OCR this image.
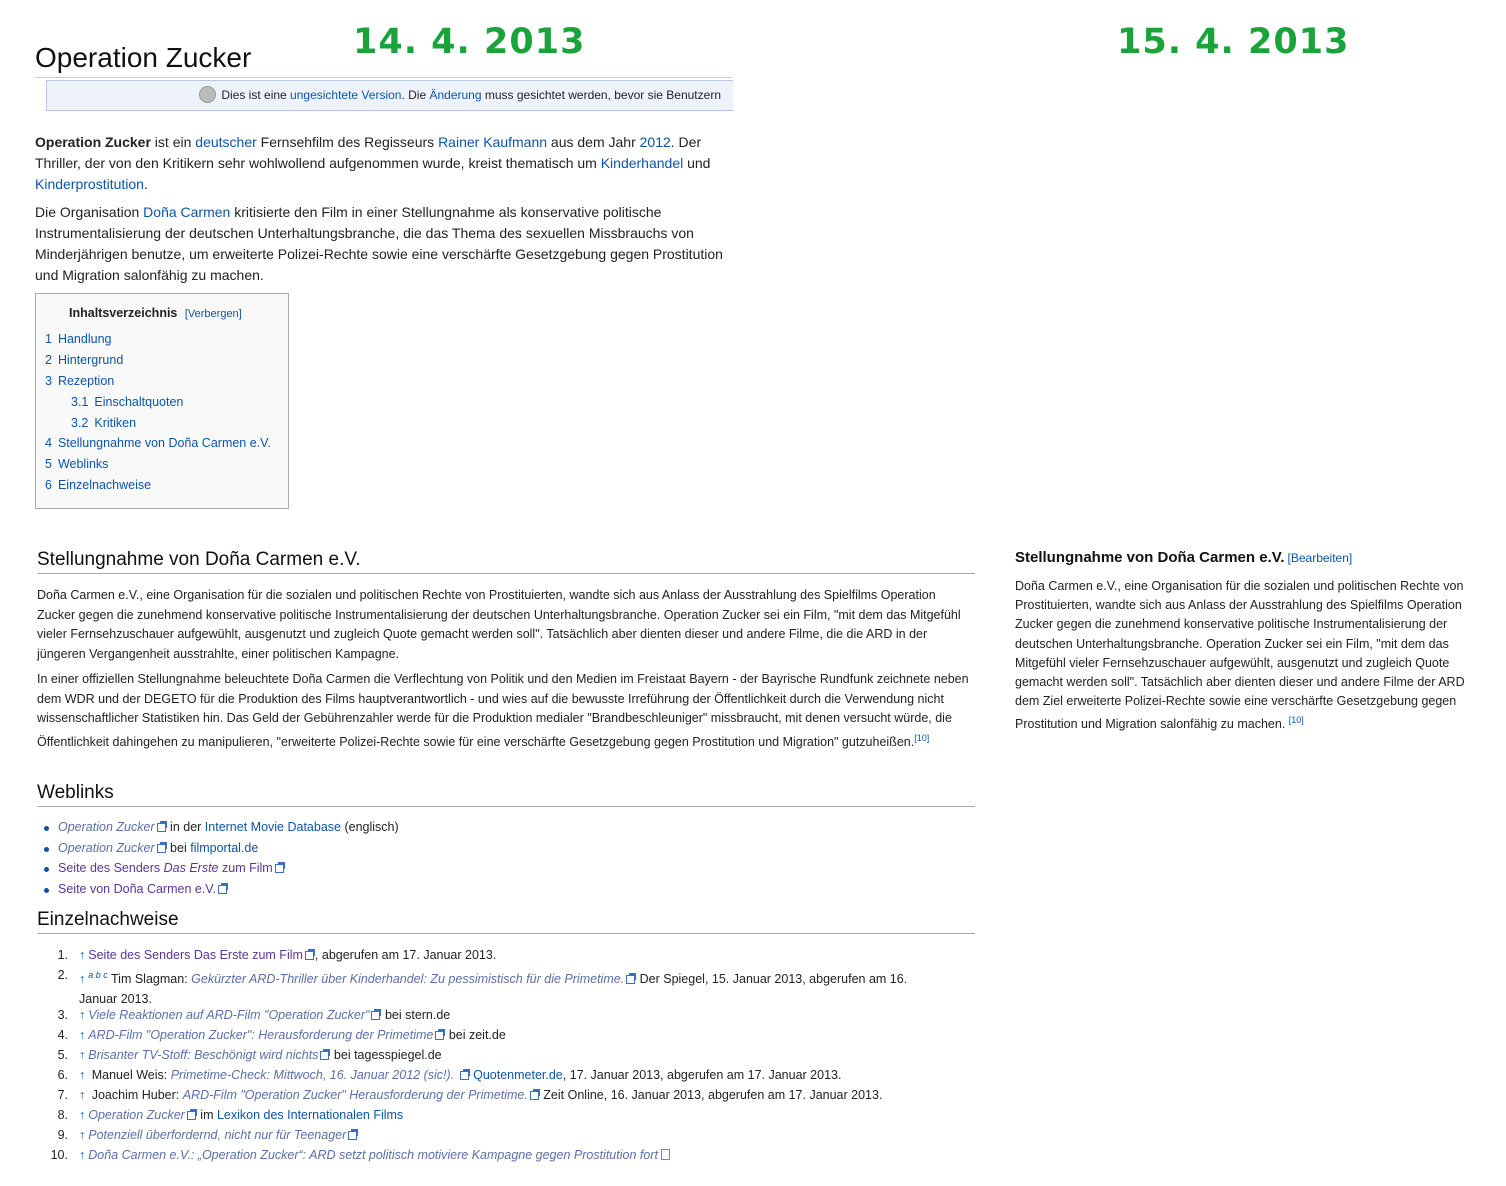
14. 4. 2013	15. 4. 2013
Operation Zucker
Dies ist eine ungesichtete Version. Die Änderung muss gesichtet werden, bevor sie Benutzern

Operation Zucker ist ein deutscher Fernsehfilm des Regisseurs Rainer Kaufmann aus dem Jahr 2012. Der Thriller, der von den Kritikern sehr wohlwollend aufgenommen wurde, kreist thematisch um Kinderhandel und Kinderprostitution.

Die Organisation Doña Carmen kritisierte den Film in einer Stellungnahme als konservative politische Instrumentalisierung der deutschen Unterhaltungsbranche, die das Thema des sexuellen Missbrauchs von Minderjährigen benutze, um erweiterte Polizei-Rechte sowie eine verschärfte Gesetzgebung gegen Prostitution und Migration salonfähig zu machen.

Inhaltsverzeichnis [Verbergen]
1 Handlung
2 Hintergrund
3 Rezeption
3.1 Einschaltquoten
3.2 Kritiken
4 Stellungnahme von Doña Carmen e.V.
5 Weblinks
6 Einzelnachweise
Stellungnahme von Doña Carmen e.V.

Doña Carmen e.V., eine Organisation für die sozialen und politischen Rechte von Prostituierten, wandte sich aus Anlass der Ausstrahlung des Spielfilms Operation Zucker gegen die zunehmend konservative politische Instrumentalisierung der deutschen Unterhaltungsbranche. Operation Zucker sei ein Film, "mit dem das Mitgefühl vieler Fernsehzuschauer aufgewühlt, ausgenutzt und zugleich Quote gemacht werden soll". Tatsächlich aber dienten dieser und andere Filme, die die ARD in der jüngeren Vergangenheit ausstrahlte, einer politischen Kampagne.

In einer offiziellen Stellungnahme beleuchtete Doña Carmen die Verflechtung von Politik und den Medien im Freistaat Bayern - der Bayrische Rundfunk zeichnete neben dem WDR und der DEGETO für die Produktion des Films hauptverantwortlich - und wies auf die bewusste Irreführung der Öffentlichkeit durch die Verwendung nicht wissenschaftlicher Statistiken hin. Das Geld der Gebührenzahler werde für die Produktion medialer "Brandbeschleuniger" missbraucht, mit denen versucht würde, die Öffentlichkeit dahingehen zu manipulieren, "erweiterte Polizei-Rechte sowie für eine verschärfte Gesetzgebung gegen Prostitution und Migration" gutzuheißen.[10]

Weblinks
Operation Zucker in der Internet Movie Database (englisch)
Operation Zucker bei filmportal.de
Seite des Senders Das Erste zum Film
Seite von Doña Carmen e.V.
Einzelnachweise
1. ↑ Seite des Senders Das Erste zum Film , abgerufen am 17. Januar 2013.
2. ↑ $^{a b c}$ Tim Slagman: Gekürzter ARD-Thriller über Kinderhandel: Zu pessimistisch für die Primetime. Der Spiegel, 15. Januar 2013, abgerufen am 16. Januar 2013.
3. ↑ Viele Reaktionen auf ARD-Film "Operation Zucker" bei stern.de
4. ↑ ARD-Film "Operation Zucker": Herausforderung der Primetime bei zeit.de
5. ↑ Brisanter TV-Stoff: Beschönigt wird nichts bei tagesspiegel.de
6. ↑ Manuel Weis: Primetime-Check: Mittwoch, 16. Januar 2012 (sic!). Quotenmeter.de, 17. Januar 2013, abgerufen am 17. Januar 2013.
7. ↑ Joachim Huber: ARD-Film "Operation Zucker" Herausforderung der Primetime. Zeit Online, 16. Januar 2013, abgerufen am 17. Januar 2013.
8. ↑ Operation Zucker im Lexikon des Internationalen Films
9. ↑ Potenziell überfordernd, nicht nur für Teenager
10. ↑ Doña Carmen e.V.: „Operation Zucker“: ARD setzt politisch motiviere Kampagne gegen Prostitution fort
Stellungnahme von Doña Carmen e.V. [Bearbeiten]

Doña Carmen e.V., eine Organisation für die sozialen und politischen Rechte von Prostituierten, wandte sich aus Anlass der Ausstrahlung des Spielfilms Operation Zucker gegen die zunehmend konservative politische Instrumentalisierung der deutschen Unterhaltungsbranche. Operation Zucker sei ein Film, "mit dem das Mitgefühl vieler Fernsehzuschauer aufgewühlt, ausgenutzt und zugleich Quote gemacht werden soll". Tatsächlich aber dienten dieser und andere Filme der ARD dem Ziel erweiterte Polizei-Rechte sowie eine verschärfte Gesetzgebung gegen Prostitution und Migration salonfähig zu machen. [10]
